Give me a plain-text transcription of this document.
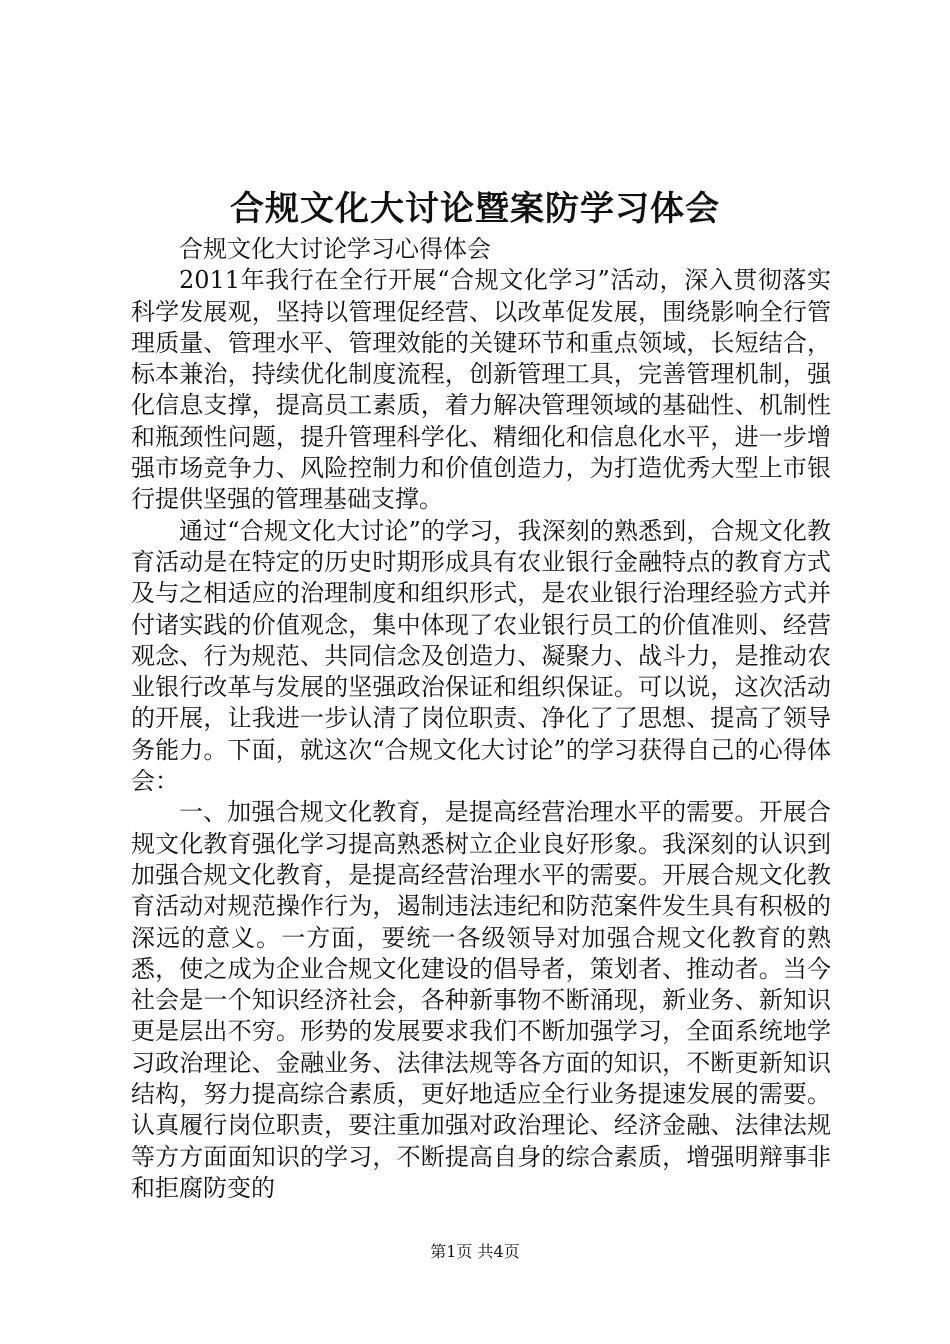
合规文化大讨论暨案防学习体会

合规文化大讨论学习心得体会

2011年我行在全行开展“合规文化学习”活动，深入贯彻落实科学发展观，坚持以管理促经营、以改革促发展，围绕影响全行管理质量、管理水平、管理效能的关键环节和重点领域，长短结合，标本兼治，持续优化制度流程，创新管理工具，完善管理机制，强化信息支撑，提高员工素质，着力解决管理领域的基础性、机制性和瓶颈性问题，提升管理科学化、精细化和信息化水平，进一步增强市场竞争力、风险控制力和价值创造力，为打造优秀大型上市银行提供坚强的管理基础支撑。

通过“合规文化大讨论”的学习，我深刻的熟悉到，合规文化教育活动是在特定的历史时期形成具有农业银行金融特点的教育方式及与之相适应的治理制度和组织形式，是农业银行治理经验方式并付诸实践的价值观念，集中体现了农业银行员工的价值准则、经营观念、行为规范、共同信念及创造力、凝聚力、战斗力，是推动农业银行改革与发展的坚强政治保证和组织保证。可以说，这次活动的开展，让我进一步认清了岗位职责、净化了了思想、提高了领导务能力。下面，就这次“合规文化大讨论”的学习获得自己的心得体会：

一、加强合规文化教育，是提高经营治理水平的需要。开展合规文化教育强化学习提高熟悉树立企业良好形象。我深刻的认识到加强合规文化教育，是提高经营治理水平的需要。开展合规文化教育活动对规范操作行为，遏制违法违纪和防范案件发生具有积极的深远的意义。一方面，要统一各级领导对加强合规文化教育的熟悉，使之成为企业合规文化建设的倡导者，策划者、推动者。当今社会是一个知识经济社会，各种新事物不断涌现，新业务、新知识更是层出不穷。形势的发展要求我们不断加强学习，全面系统地学习政治理论、金融业务、法律法规等各方面的知识，不断更新知识结构，努力提高综合素质，更好地适应全行业务提速发展的需要。认真履行岗位职责，要注重加强对政治理论、经济金融、法律法规等方方面面知识的学习，不断提高自身的综合素质，增强明辩事非和拒腐防变的

第1页 共4页
